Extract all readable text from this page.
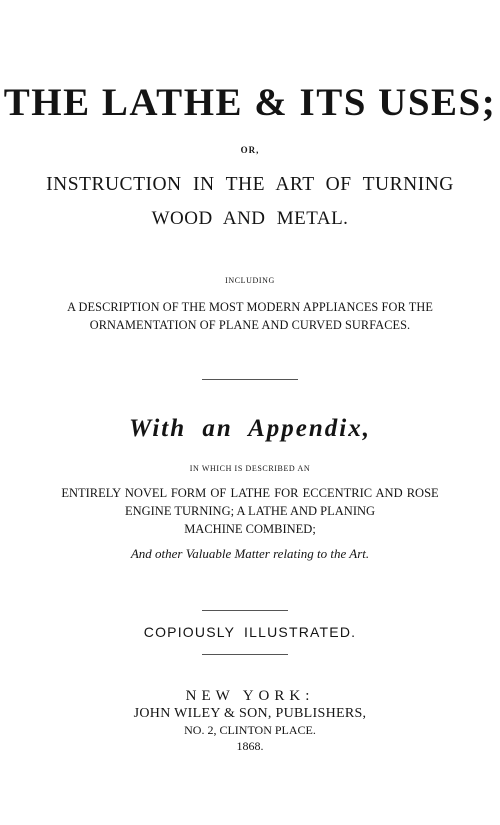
THE LATHE & ITS USES;
OR,
INSTRUCTION IN THE ART OF TURNING
WOOD AND METAL.
INCLUDING
A DESCRIPTION OF THE MOST MODERN APPLIANCES FOR THE
ORNAMENTATION OF PLANE AND CURVED SURFACES.
With an Appendix,
IN WHICH IS DESCRIBED AN
ENTIRELY NOVEL FORM OF LATHE FOR ECCENTRIC AND ROSE
ENGINE TURNING; A LATHE AND PLANING
MACHINE COMBINED;
And other Valuable Matter relating to the Art.
COPIOUSLY ILLUSTRATED.
NEW YORK:
JOHN WILEY & SON, PUBLISHERS,
NO. 2, CLINTON PLACE.
1868.
